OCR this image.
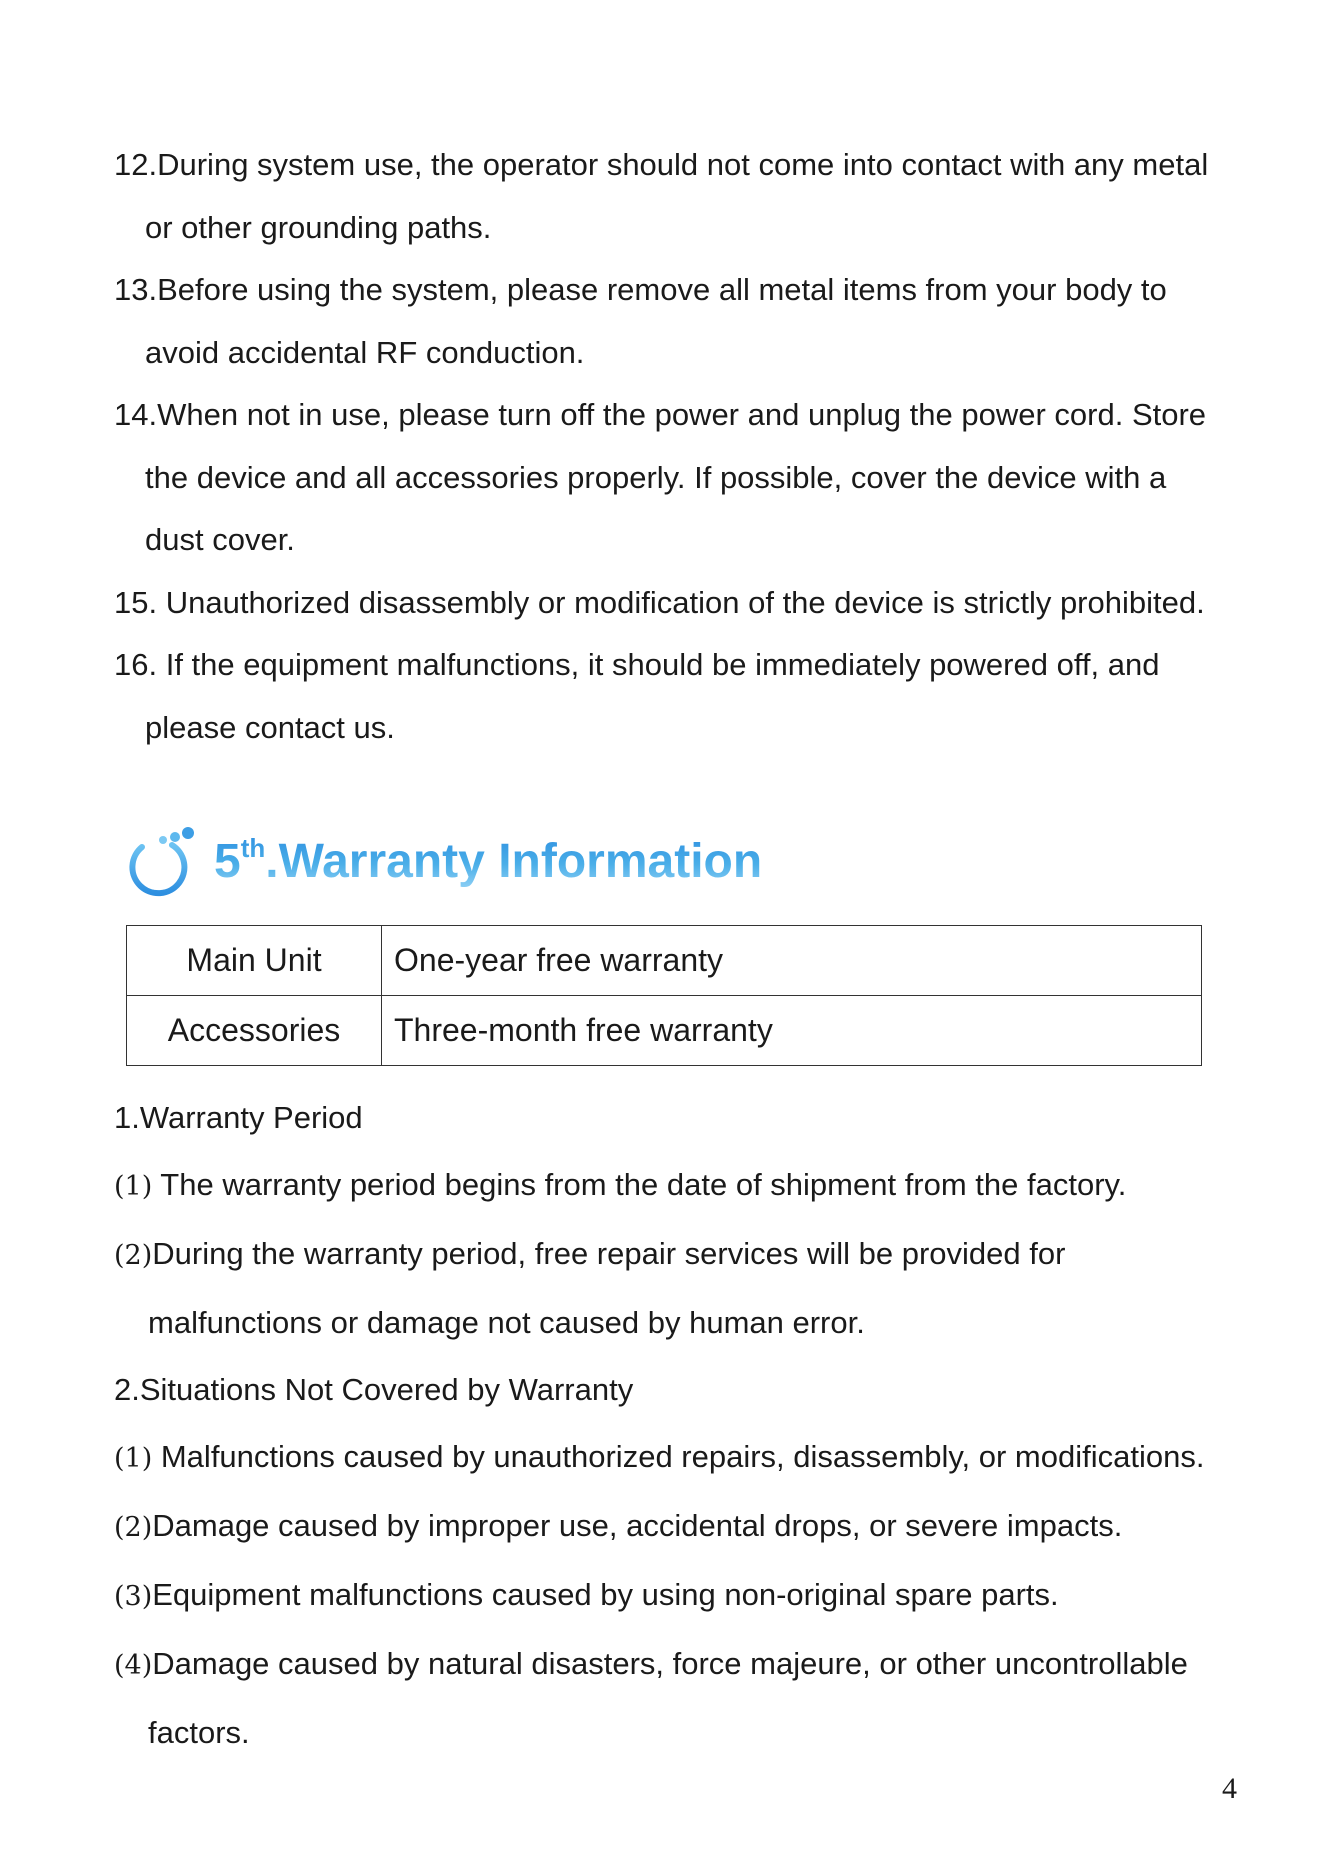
12.During system use, the operator should not come into contact with any metal
or other grounding paths.
13.Before using the system, please remove all metal items from your body to
avoid accidental RF conduction.
14.When not in use, please turn off the power and unplug the power cord. Store
the device and all accessories properly. If possible, cover the device with a
dust cover.
15. Unauthorized disassembly or modification of the device is strictly prohibited.
16. If the equipment malfunctions, it should be immediately powered off, and
please contact us.
5th.Warranty Information
Main Unit	One-year free warranty
Accessories	Three-month free warranty
1.Warranty Period
(1) The warranty period begins from the date of shipment from the factory.
(2)During the warranty period, free repair services will be provided for
malfunctions or damage not caused by human error.
2.Situations Not Covered by Warranty
(1) Malfunctions caused by unauthorized repairs, disassembly, or modifications.
(2)Damage caused by improper use, accidental drops, or severe impacts.
(3)Equipment malfunctions caused by using non-original spare parts.
(4)Damage caused by natural disasters, force majeure, or other uncontrollable
factors.
4
